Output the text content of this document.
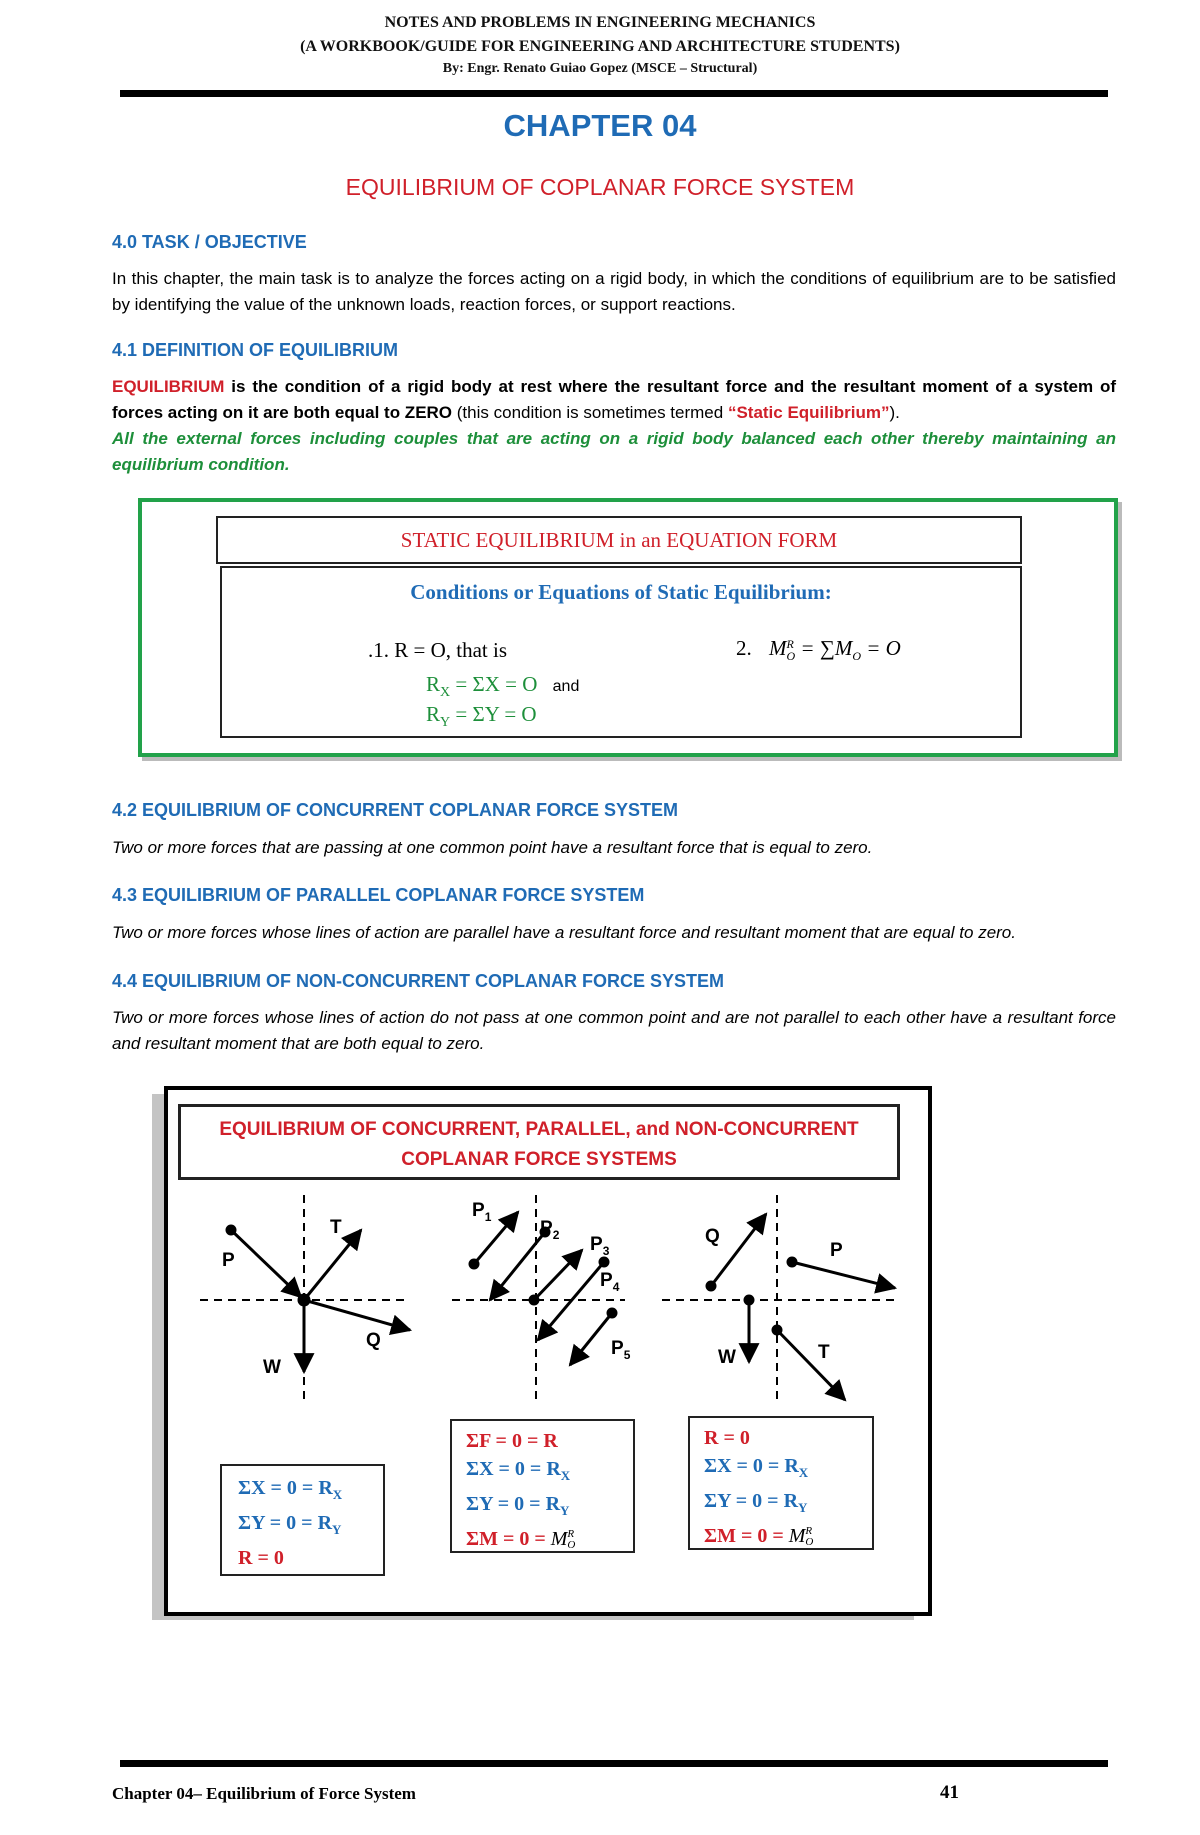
NOTES AND PROBLEMS IN ENGINEERING MECHANICS
(A WORKBOOK/GUIDE FOR ENGINEERING AND ARCHITECTURE STUDENTS)
By: Engr. Renato Guiao Gopez (MSCE – Structural)
CHAPTER 04
EQUILIBRIUM OF COPLANAR FORCE SYSTEM
4.0 TASK / OBJECTIVE
In this chapter, the main task is to analyze the forces acting on a rigid body, in which the conditions of equilibrium are to be satisfied by identifying the value of the unknown loads, reaction forces, or support reactions.
4.1 DEFINITION OF EQUILIBRIUM
EQUILIBRIUM is the condition of a rigid body at rest where the resultant force and the resultant moment of a system of forces acting on it are both equal to ZERO (this condition is sometimes termed “Static Equilibrium”).
All the external forces including couples that are acting on a rigid body balanced each other thereby maintaining an equilibrium condition.
STATIC EQUILIBRIUM in an EQUATION FORM
Conditions or Equations of Static Equilibrium:
.1. R = O, that is
$R_X = \Sigma X = O$ and
$R_Y = \Sigma Y = O$
2. M R
$O = \sum M_O = O$
4.2 EQUILIBRIUM OF CONCURRENT COPLANAR FORCE SYSTEM
Two or more forces that are passing at one common point have a resultant force that is equal to zero.
4.3 EQUILIBRIUM OF PARALLEL COPLANAR FORCE SYSTEM
Two or more forces whose lines of action are parallel have a resultant force and resultant moment that are equal to zero.
4.4 EQUILIBRIUM OF NON-CONCURRENT COPLANAR FORCE SYSTEM
Two or more forces whose lines of action do not pass at one common point and are not parallel to each other have a resultant force and resultant moment that are both equal to zero.
EQUILIBRIUM OF CONCURRENT, PARALLEL, and NON-CONCURRENT
COPLANAR FORCE SYSTEMS
P
T
Q
W
$P_1$
$P_2$ $P_3$
$P_4$
$P_5$
Q
P
W	T
$\Sigma X = 0 = R_X$
$\Sigma Y = 0 = R_Y$
R = 0
ΣF = 0 = R
$\Sigma X = 0 = R_X$
$\Sigma Y = 0 = R_Y$
ΣM = 0 = M R
O
R = 0
$\Sigma X = 0 = R_X$
$\Sigma Y = 0 = R_Y$
ΣM = 0 = M R
O
Chapter 04– Equilibrium of Force System	41
